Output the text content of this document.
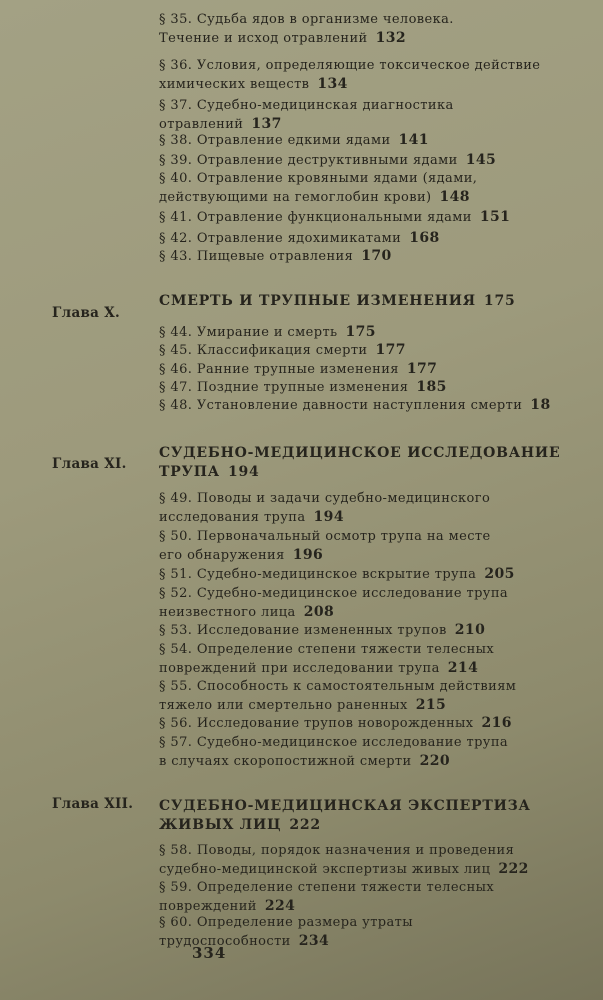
§ 35. Судьба ядов в организме человека.
Течение и исход отравлений 132
§ 36. Условия, определяющие токсическое действие
химических веществ 134
§ 37. Судебно-медицинская диагностика
отравлений 137
§ 38. Отравление едкими ядами 141
§ 39. Отравление деструктивными ядами 145
§ 40. Отравление кровяными ядами (ядами,
действующими на гемоглобин крови) 148
§ 41. Отравление функциональными ядами 151
§ 42. Отравление ядохимикатами 168
§ 43. Пищевые отравления 170
Глава X.
СМЕРТЬ И ТРУПНЫЕ ИЗМЕНЕНИЯ 175
§ 44. Умирание и смерть 175
§ 45. Классификация смерти 177
§ 46. Ранние трупные изменения 177
§ 47. Поздние трупные изменения 185
§ 48. Установление давности наступления смерти 18
Глава XI.
СУДЕБНО-МЕДИЦИНСКОЕ ИССЛЕДОВАНИЕ
ТРУПА 194
§ 49. Поводы и задачи судебно-медицинского
исследования трупа 194
§ 50. Первоначальный осмотр трупа на месте
его обнаружения 196
§ 51. Судебно-медицинское вскрытие трупа 205
§ 52. Судебно-медицинское исследование трупа
неизвестного лица 208
§ 53. Исследование измененных трупов 210
§ 54. Определение степени тяжести телесных
повреждений при исследовании трупа 214
§ 55. Способность к самостоятельным действиям
тяжело или смертельно раненных 215
§ 56. Исследование трупов новорожденных 216
§ 57. Судебно-медицинское исследование трупа
в случаях скоропостижной смерти 220
Глава XII. СУДЕБНО-МЕДИЦИНСКАЯ ЭКСПЕРТИЗА
ЖИВЫХ ЛИЦ 222
§ 58. Поводы, порядок назначения и проведения
судебно-медицинской экспертизы живых лиц 222
§ 59. Определение степени тяжести телесных
повреждений 224
§ 60. Определение размера утраты
трудоспособности 234
334
